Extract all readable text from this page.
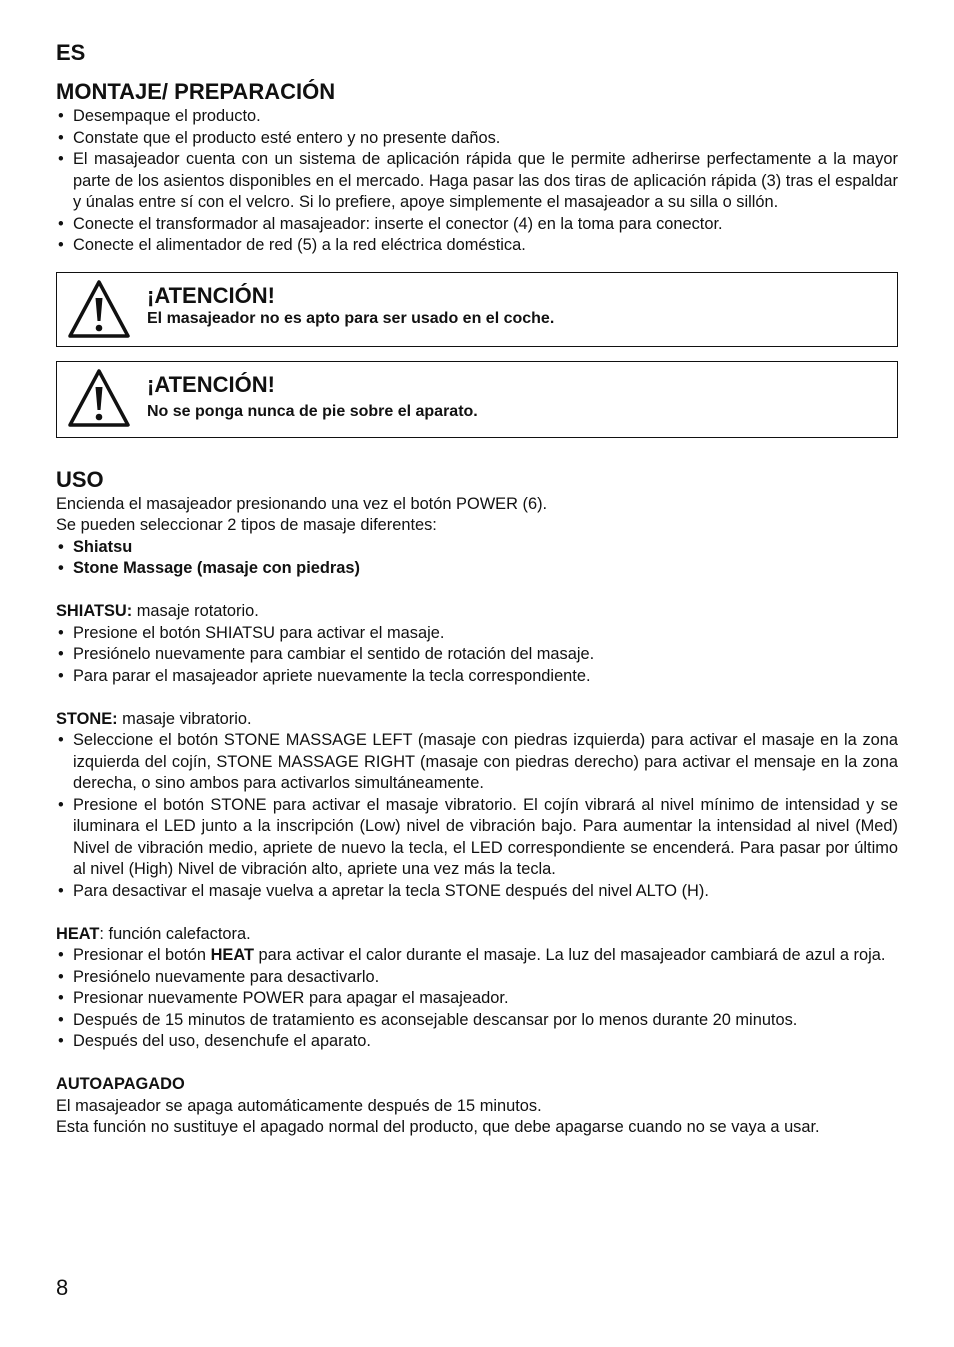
ES

MONTAJE/ PREPARACIÓN
• Desempaque el producto.
• Constate que el producto esté entero y no presente daños.
• El masajeador cuenta con un sistema de aplicación rápida que le permite adherirse perfectamente a la mayor parte de los asientos disponibles en el mercado. Haga pasar las dos tiras de aplicación rápida (3) tras el espaldar y únalas entre sí con el velcro. Si lo prefiere, apoye simplemente el masajeador a su silla o sillón.
• Conecte el transformador al masajeador: inserte el conector (4) en la toma para conector.
• Conecte el alimentador de red (5) a la red eléctrica doméstica.
¡ATENCIÓN!
El masajeador no es apto para ser usado en el coche.
¡ATENCIÓN!
No se ponga nunca de pie sobre el aparato.
USO

Encienda el masajeador presionando una vez el botón POWER (6).

Se pueden seleccionar 2 tipos de masaje diferentes:

• Shiatsu
• Stone Massage (masaje con piedras)

SHIATSU: masaje rotatorio.

• Presione el botón SHIATSU para activar el masaje.
• Presiónelo nuevamente para cambiar el sentido de rotación del masaje.
• Para parar el masajeador apriete nuevamente la tecla correspondiente.

STONE: masaje vibratorio.

• Seleccione el botón STONE MASSAGE LEFT (masaje con piedras izquierda) para activar el masaje en la zona izquierda del cojín, STONE MASSAGE RIGHT (masaje con piedras derecho) para activar el mensaje en la zona derecha, o sino ambos para activarlos simultáneamente.
• Presione el botón STONE para activar el masaje vibratorio. El cojín vibrará al nivel mínimo de intensidad y se iluminara el LED junto a la inscripción (Low) nivel de vibración bajo. Para aumentar la intensidad al nivel (Med) Nivel de vibración medio, apriete de nuevo la tecla, el LED correspondiente se encenderá. Para pasar por último al nivel (High) Nivel de vibración alto, apriete una vez más la tecla.
• Para desactivar el masaje vuelva a apretar la tecla STONE después del nivel ALTO (H).

HEAT: función calefactora.

• Presionar el botón HEAT para activar el calor durante el masaje. La luz del masajeador cambiará de azul a roja.
• Presiónelo nuevamente para desactivarlo.
• Presionar nuevamente POWER para apagar el masajeador.
• Después de 15 minutos de tratamiento es aconsejable descansar por lo menos durante 20 minutos.
• Después del uso, desenchufe el aparato.

AUTOAPAGADO

El masajeador se apaga automáticamente después de 15 minutos.

Esta función no sustituye el apagado normal del producto, que debe apagarse cuando no se vaya a usar.

8
